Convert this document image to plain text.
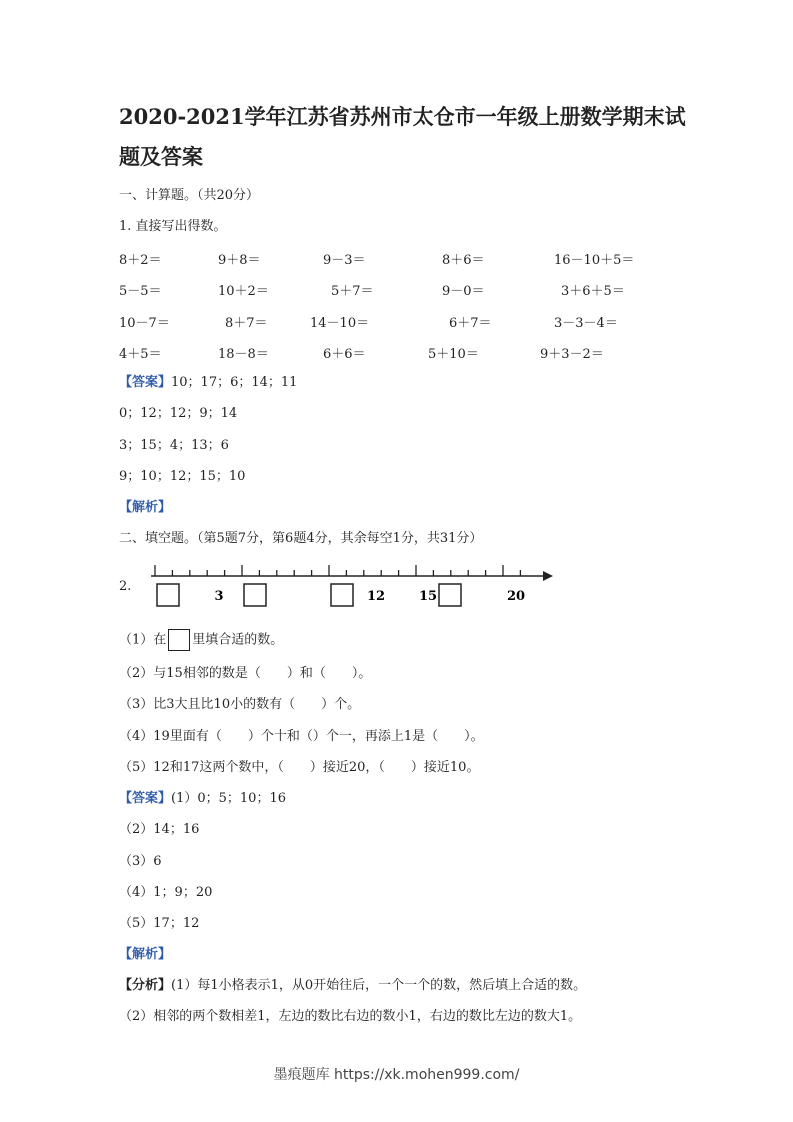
2020-2021学年江苏省苏州市太仓市一年级上册数学期末试
题及答案
一、计算题。（共20分）
1. 直接写出得数。
8＋2＝	9＋8＝	9－3＝	8＋6＝	16－10＋5＝
5－5＝	10＋2＝	5＋7＝	9－0＝	3＋6＋5＝
10－7＝	8＋7＝	14－10＝	6＋7＝	3－3－4＝
4＋5＝	18－8＝	6＋6＝	5＋10＝	9＋3－2＝
【答案】10；17；6；14；11
0；12；12；9；14
3；15；4；13；6
9；10；12；15；10
【解析】
二、填空题。（第5题7分，第6题4分，其余每空1分，共31分）
2.
3	12	15	20
（1）在 里填合适的数。
（2）与15相邻的数是（　　）和（　　）。
（3）比3大且比10小的数有（　　）个。
（4）19里面有（　　）个十和（）个一，再添上1是（　　）。
（5）12和17这两个数中，（　　）接近20，（　　）接近10。
【答案】(1）0；5；10；16
（2）14；16
（3）6
（4）1；9；20
（5）17；12
【解析】
【分析】(1）每1小格表示1，从0开始往后，一个一个的数，然后填上合适的数。
（2）相邻的两个数相差1，左边的数比右边的数小1，右边的数比左边的数大1。
墨痕题库 https://xk.mohen999.com/
